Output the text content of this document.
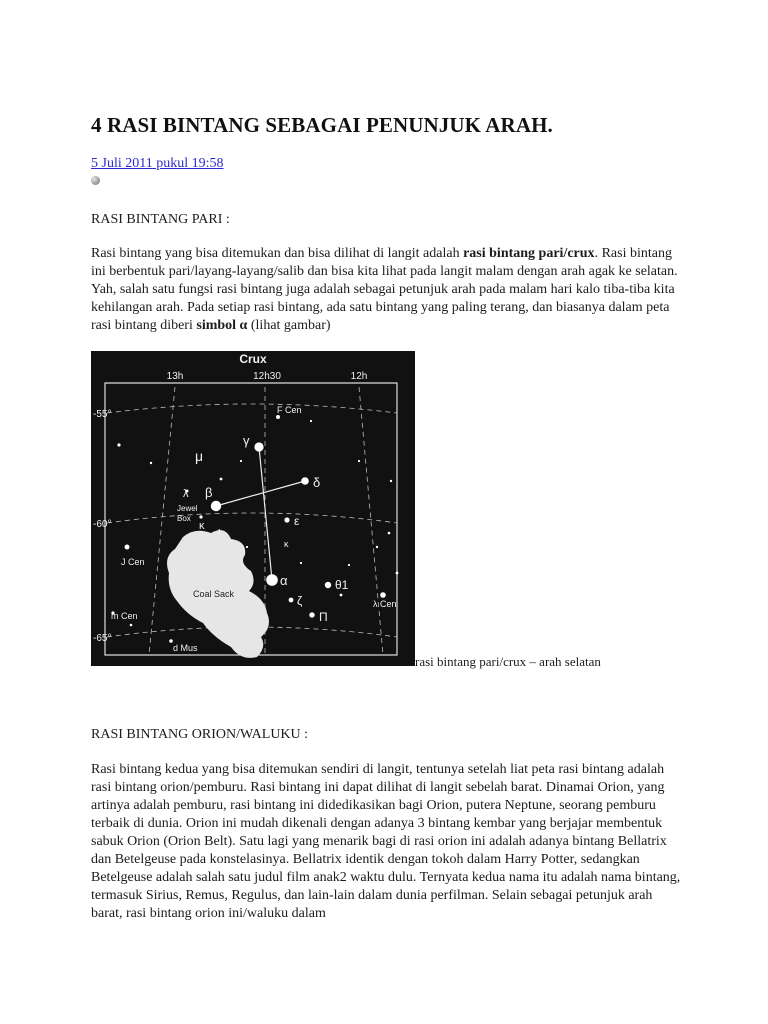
4 RASI BINTANG SEBAGAI PENUNJUK ARAH.
5 Juli 2011 pukul 19:58

RASI BINTANG PARI :

Rasi bintang yang bisa ditemukan dan bisa dilihat di langit adalah rasi bintang pari/crux. Rasi bintang ini berbentuk pari/layang-layang/salib dan bisa kita lihat pada langit malam dengan arah agak ke selatan. Yah, salah satu fungsi rasi bintang juga adalah sebagai petunjuk arah pada malam hari kalo tiba-tiba kita kehilangan arah. Pada setiap rasi bintang, ada satu bintang yang paling terang, dan biasanya dalam peta rasi bintang diberi simbol α (lihat gambar)

Crux
13h	12h30	12h
-55°
-60°
-65°
α
β
γ
δ
ε
ζ
λ
μ
ι
κ
κ
θ1
Π
F Cen
Jewel
Box
J Cen
λ Cen
m Cen
d Mus
Coal Sack
rasi bintang pari/crux – arah selatan

RASI BINTANG ORION/WALUKU :

Rasi bintang kedua yang bisa ditemukan sendiri di langit, tentunya setelah liat peta rasi bintang adalah rasi bintang orion/pemburu. Rasi bintang ini dapat dilihat di langit sebelah barat. Dinamai Orion, yang artinya adalah pemburu, rasi bintang ini didedikasikan bagi Orion, putera Neptune, seorang pemburu terbaik di dunia. Orion ini mudah dikenali dengan adanya 3 bintang kembar yang berjajar membentuk sabuk Orion (Orion Belt). Satu lagi yang menarik bagi di rasi orion ini adalah adanya bintang Bellatrix dan Betelgeuse pada konstelasinya. Bellatrix identik dengan tokoh dalam Harry Potter, sedangkan Betelgeuse adalah salah satu judul film anak2 waktu dulu. Ternyata kedua nama itu adalah nama bintang, termasuk Sirius, Remus, Regulus, dan lain-lain dalam dunia perfilman. Selain sebagai petunjuk arah barat, rasi bintang orion ini/waluku dalam
